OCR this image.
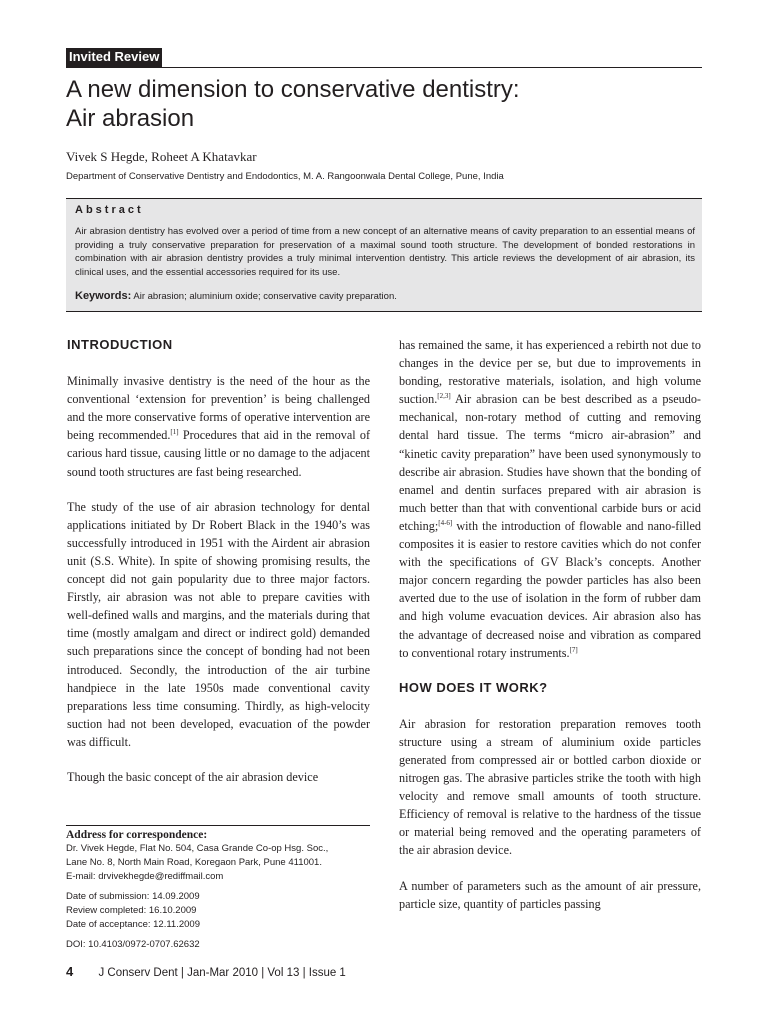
Invited Review
A new dimension to conservative dentistry:
Air abrasion
Vivek S Hegde, Roheet A Khatavkar
Department of Conservative Dentistry and Endodontics, M. A. Rangoonwala Dental College, Pune, India
Abstract

Air abrasion dentistry has evolved over a period of time from a new concept of an alternative means of cavity preparation to an essential means of providing a truly conservative preparation for preservation of a maximal sound tooth structure. The development of bonded restorations in combination with air abrasion dentistry provides a truly minimal intervention dentistry. This article reviews the development of air abrasion, its clinical uses, and the essential accessories required for its use.

Keywords: Air abrasion; aluminium oxide; conservative cavity preparation.

INTRODUCTION

Minimally invasive dentistry is the need of the hour as the conventional ‘extension for prevention’ is being challenged and the more conservative forms of operative intervention are being recommended.[1] Procedures that aid in the removal of carious hard tissue, causing little or no damage to the adjacent sound tooth structures are fast being researched.

The study of the use of air abrasion technology for dental applications initiated by Dr Robert Black in the 1940’s was successfully introduced in 1951 with the Airdent air abrasion unit (S.S. White). In spite of showing promising results, the concept did not gain popularity due to three major factors. Firstly, air abrasion was not able to prepare cavities with well-defined walls and margins, and the materials during that time (mostly amalgam and direct or indirect gold) demanded such preparations since the concept of bonding had not been introduced. Secondly, the introduction of the air turbine handpiece in the late 1950s made conventional cavity preparations less time consuming. Thirdly, as high-velocity suction had not been developed, evacuation of the powder was difficult.

Though the basic concept of the air abrasion device

Address for correspondence:
Dr. Vivek Hegde, Flat No. 504, Casa Grande Co-op Hsg. Soc.,
Lane No. 8, North Main Road, Koregaon Park, Pune 411001.
E-mail: drvivekhegde@rediffmail.com
Date of submission: 14.09.2009
Review completed: 16.10.2009
Date of acceptance: 12.11.2009
DOI: 10.4103/0972-0707.62632

has remained the same, it has experienced a rebirth not due to changes in the device per se, but due to improvements in bonding, restorative materials, isolation, and high volume suction.[2,3] Air abrasion can be best described as a pseudo-mechanical, non-rotary method of cutting and removing dental hard tissue. The terms “micro air-abrasion” and “kinetic cavity preparation” have been used synonymously to describe air abrasion. Studies have shown that the bonding of enamel and dentin surfaces prepared with air abrasion is much better than that with conventional carbide burs or acid etching;[4-6] with the introduction of flowable and nano-filled composites it is easier to restore cavities which do not confer with the specifications of GV Black’s concepts. Another major concern regarding the powder particles has also been averted due to the use of isolation in the form of rubber dam and high volume evacuation devices. Air abrasion also has the advantage of decreased noise and vibration as compared to conventional rotary instruments.[7]

HOW DOES IT WORK?

Air abrasion for restoration preparation removes tooth structure using a stream of aluminium oxide particles generated from compressed air or bottled carbon dioxide or nitrogen gas. The abrasive particles strike the tooth with high velocity and remove small amounts of tooth structure. Efficiency of removal is relative to the hardness of the tissue or material being removed and the operating parameters of the air abrasion device.

A number of parameters such as the amount of air pressure, particle size, quantity of particles passing

4 J Conserv Dent | Jan-Mar 2010 | Vol 13 | Issue 1
